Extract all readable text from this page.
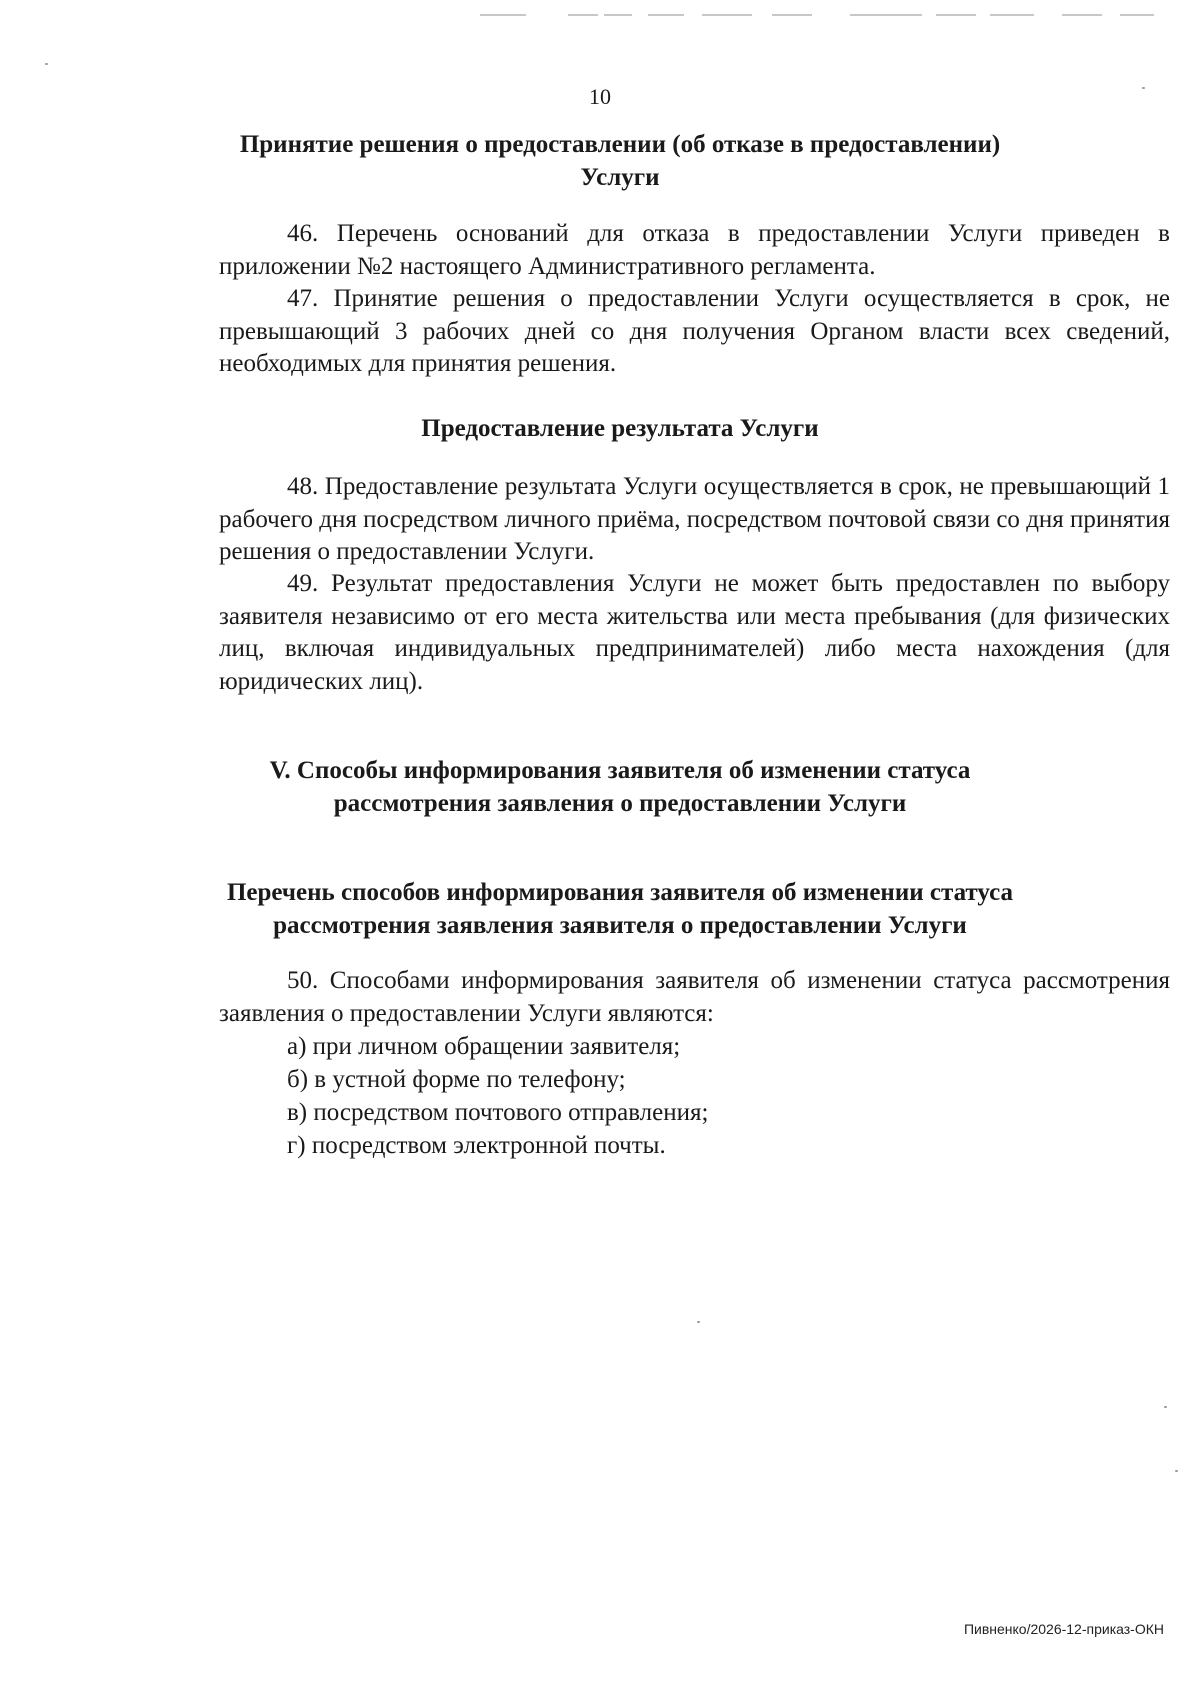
10
Принятие решения о предоставлении (об отказе в предоставлении) Услуги
46. Перечень оснований для отказа в предоставлении Услуги приведен в приложении №2 настоящего Административного регламента.
47. Принятие решения о предоставлении Услуги осуществляется в срок, не превышающий 3 рабочих дней со дня получения Органом власти всех сведений, необходимых для принятия решения.
Предоставление результата Услуги
48. Предоставление результата Услуги осуществляется в срок, не превышающий 1 рабочего дня посредством личного приёма, посредством почтовой связи со дня принятия решения о предоставлении Услуги.
49. Результат предоставления Услуги не может быть предоставлен по выбору заявителя независимо от его места жительства или места пребывания (для физических лиц, включая индивидуальных предпринимателей) либо места нахождения (для юридических лиц).
V. Способы информирования заявителя об изменении статуса рассмотрения заявления о предоставлении Услуги
Перечень способов информирования заявителя об изменении статуса рассмотрения заявления заявителя о предоставлении Услуги
50. Способами информирования заявителя об изменении статуса рассмотрения заявления о предоставлении Услуги являются:
а) при личном обращении заявителя;
б) в устной форме по телефону;
в) посредством почтового отправления;
г) посредством электронной почты.
Пивненко/2026-12-приказ-ОКН
